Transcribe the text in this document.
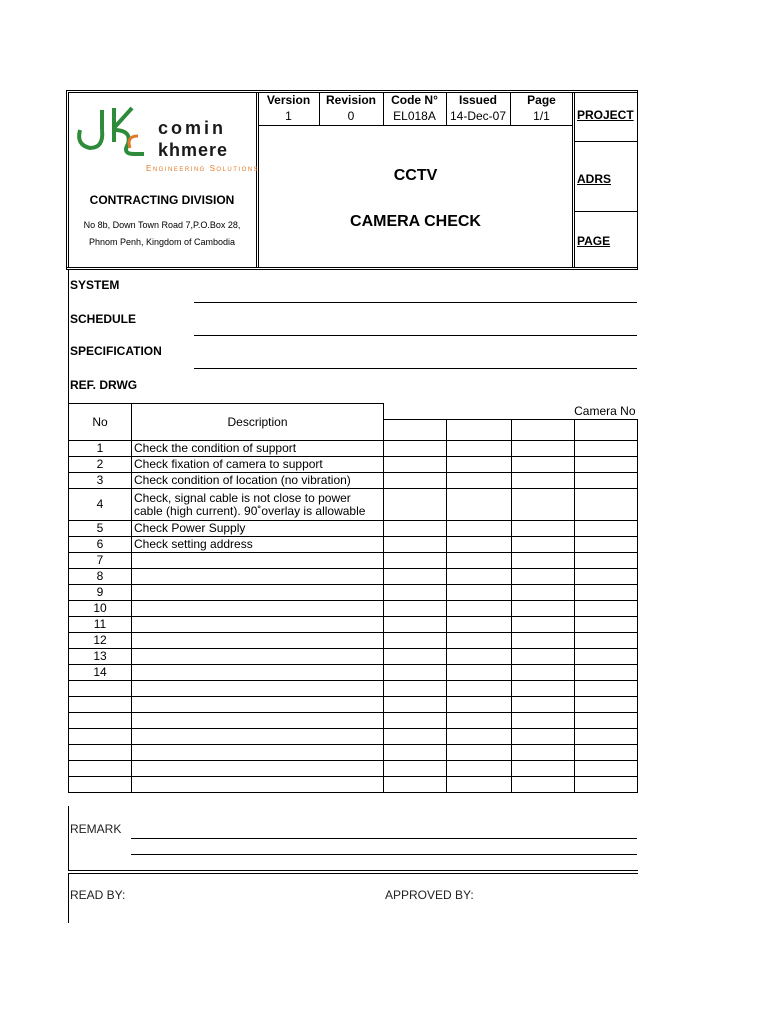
comin
khmere
Engineering Solutions
CONTRACTING DIVISION
No 8b, Down Town Road 7,P.O.Box 28,
Phnom Penh, Kingdom of Cambodia
Version	Revision	Code N°	Issued	Page
1	0	EL018A	14-Dec-07	1/1
CCTV
CAMERA CHECK
PROJECT
ADRS
PAGE
SYSTEM
SCHEDULE
SPECIFICATION
REF. DRWG
No	Description	Camera No			

1	Check the condition of support				
2	Check fixation of camera to support				
3	Check condition of location (no vibration)				
4	Check, signal cable is not close to power cable (high current). 90˚overlay is allowable				
5	Check Power Supply				
6	Check setting address				
7					
8					
9					
10					
11					
12					
13					
14					

REMARK
READ BY:	APPROVED BY:
